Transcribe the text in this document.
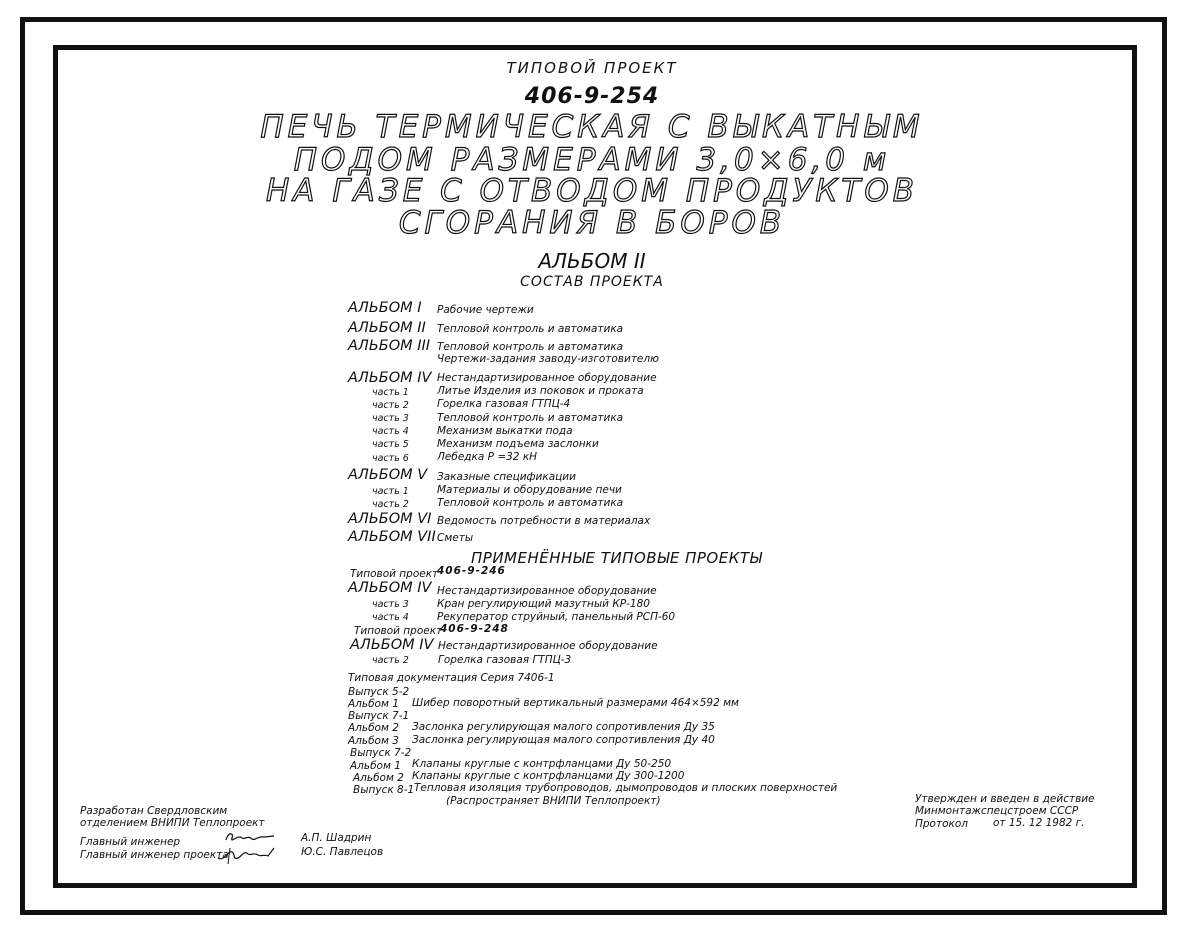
ТИПОВОЙ ПРОЕКТ
406-9-254
ПЕЧЬ ТЕРМИЧЕСКАЯ С ВЫКАТНЫМ
ПОДОМ РАЗМЕРАМИ 3,0×6,0 м
НА ГАЗЕ С ОТВОДОМ ПРОДУКТОВ
СГОРАНИЯ В БОРОВ
АЛЬБОМ II
СОСТАВ ПРОЕКТА
АЛЬБОМ I Рабочие чертежи
АЛЬБОМ II Тепловой контроль и автоматика
АЛЬБОМ III Тепловой контроль и автоматика
Чертежи-задания заводу-изготовителю
АЛЬБОМ IV Нестандартизированное оборудование
часть 1	Литье Изделия из поковок и проката
часть 2	Горелка газовая ГТПЦ-4
часть 3	Тепловой контроль и автоматика
часть 4	Механизм выкатки пода
часть 5	Механизм подъема заслонки
часть 6	Лебедка Р =32 кН
АЛЬБОМ V Заказные спецификации
часть 1	Материалы и оборудование печи
часть 2	Тепловой контроль и автоматика
АЛЬБОМ VI Ведомость потребности в материалах
АЛЬБОМ VII Сметы
ПРИМЕНЁННЫЕ ТИПОВЫЕ ПРОЕКТЫ
Типовой проект
406-9-246
АЛЬБОМ IV Нестандартизированное оборудование
часть 3	Кран регулирующий мазутный КР-180
часть 4	Рекуператор струйный, панельный РСП-60
Типовой проект
406-9-248
АЛЬБОМ IV Нестандартизированное оборудование
часть 2	Горелка газовая ГТПЦ-3
Типовая документация Серия 7406-1
Выпуск 5-2
Альбом 1 Шибер поворотный вертикальный размерами 464×592 мм
Выпуск 7-1
Альбом 2 Заслонка регулирующая малого сопротивления Ду 35
Альбом 3 Заслонка регулирующая малого сопротивления Ду 40
Выпуск 7-2
Альбом 1 Клапаны круглые с контрфланцами Ду 50-250
Альбом 2 Клапаны круглые с контрфланцами Ду 300-1200
Выпуск 8-1 Тепловая изоляция трубопроводов, дымопроводов и плоских поверхностей
(Распространяет ВНИПИ Теплопроект)
Разработан Свердловским
отделением ВНИПИ Теплопроект
Главный инженер
Главный инженер проекта
А.П. Шадрин
Ю.С. Павлецов
Утвержден и введен в действие
Минмонтажспецстроем СССР
Протокол от 15. 12 1982 г.
